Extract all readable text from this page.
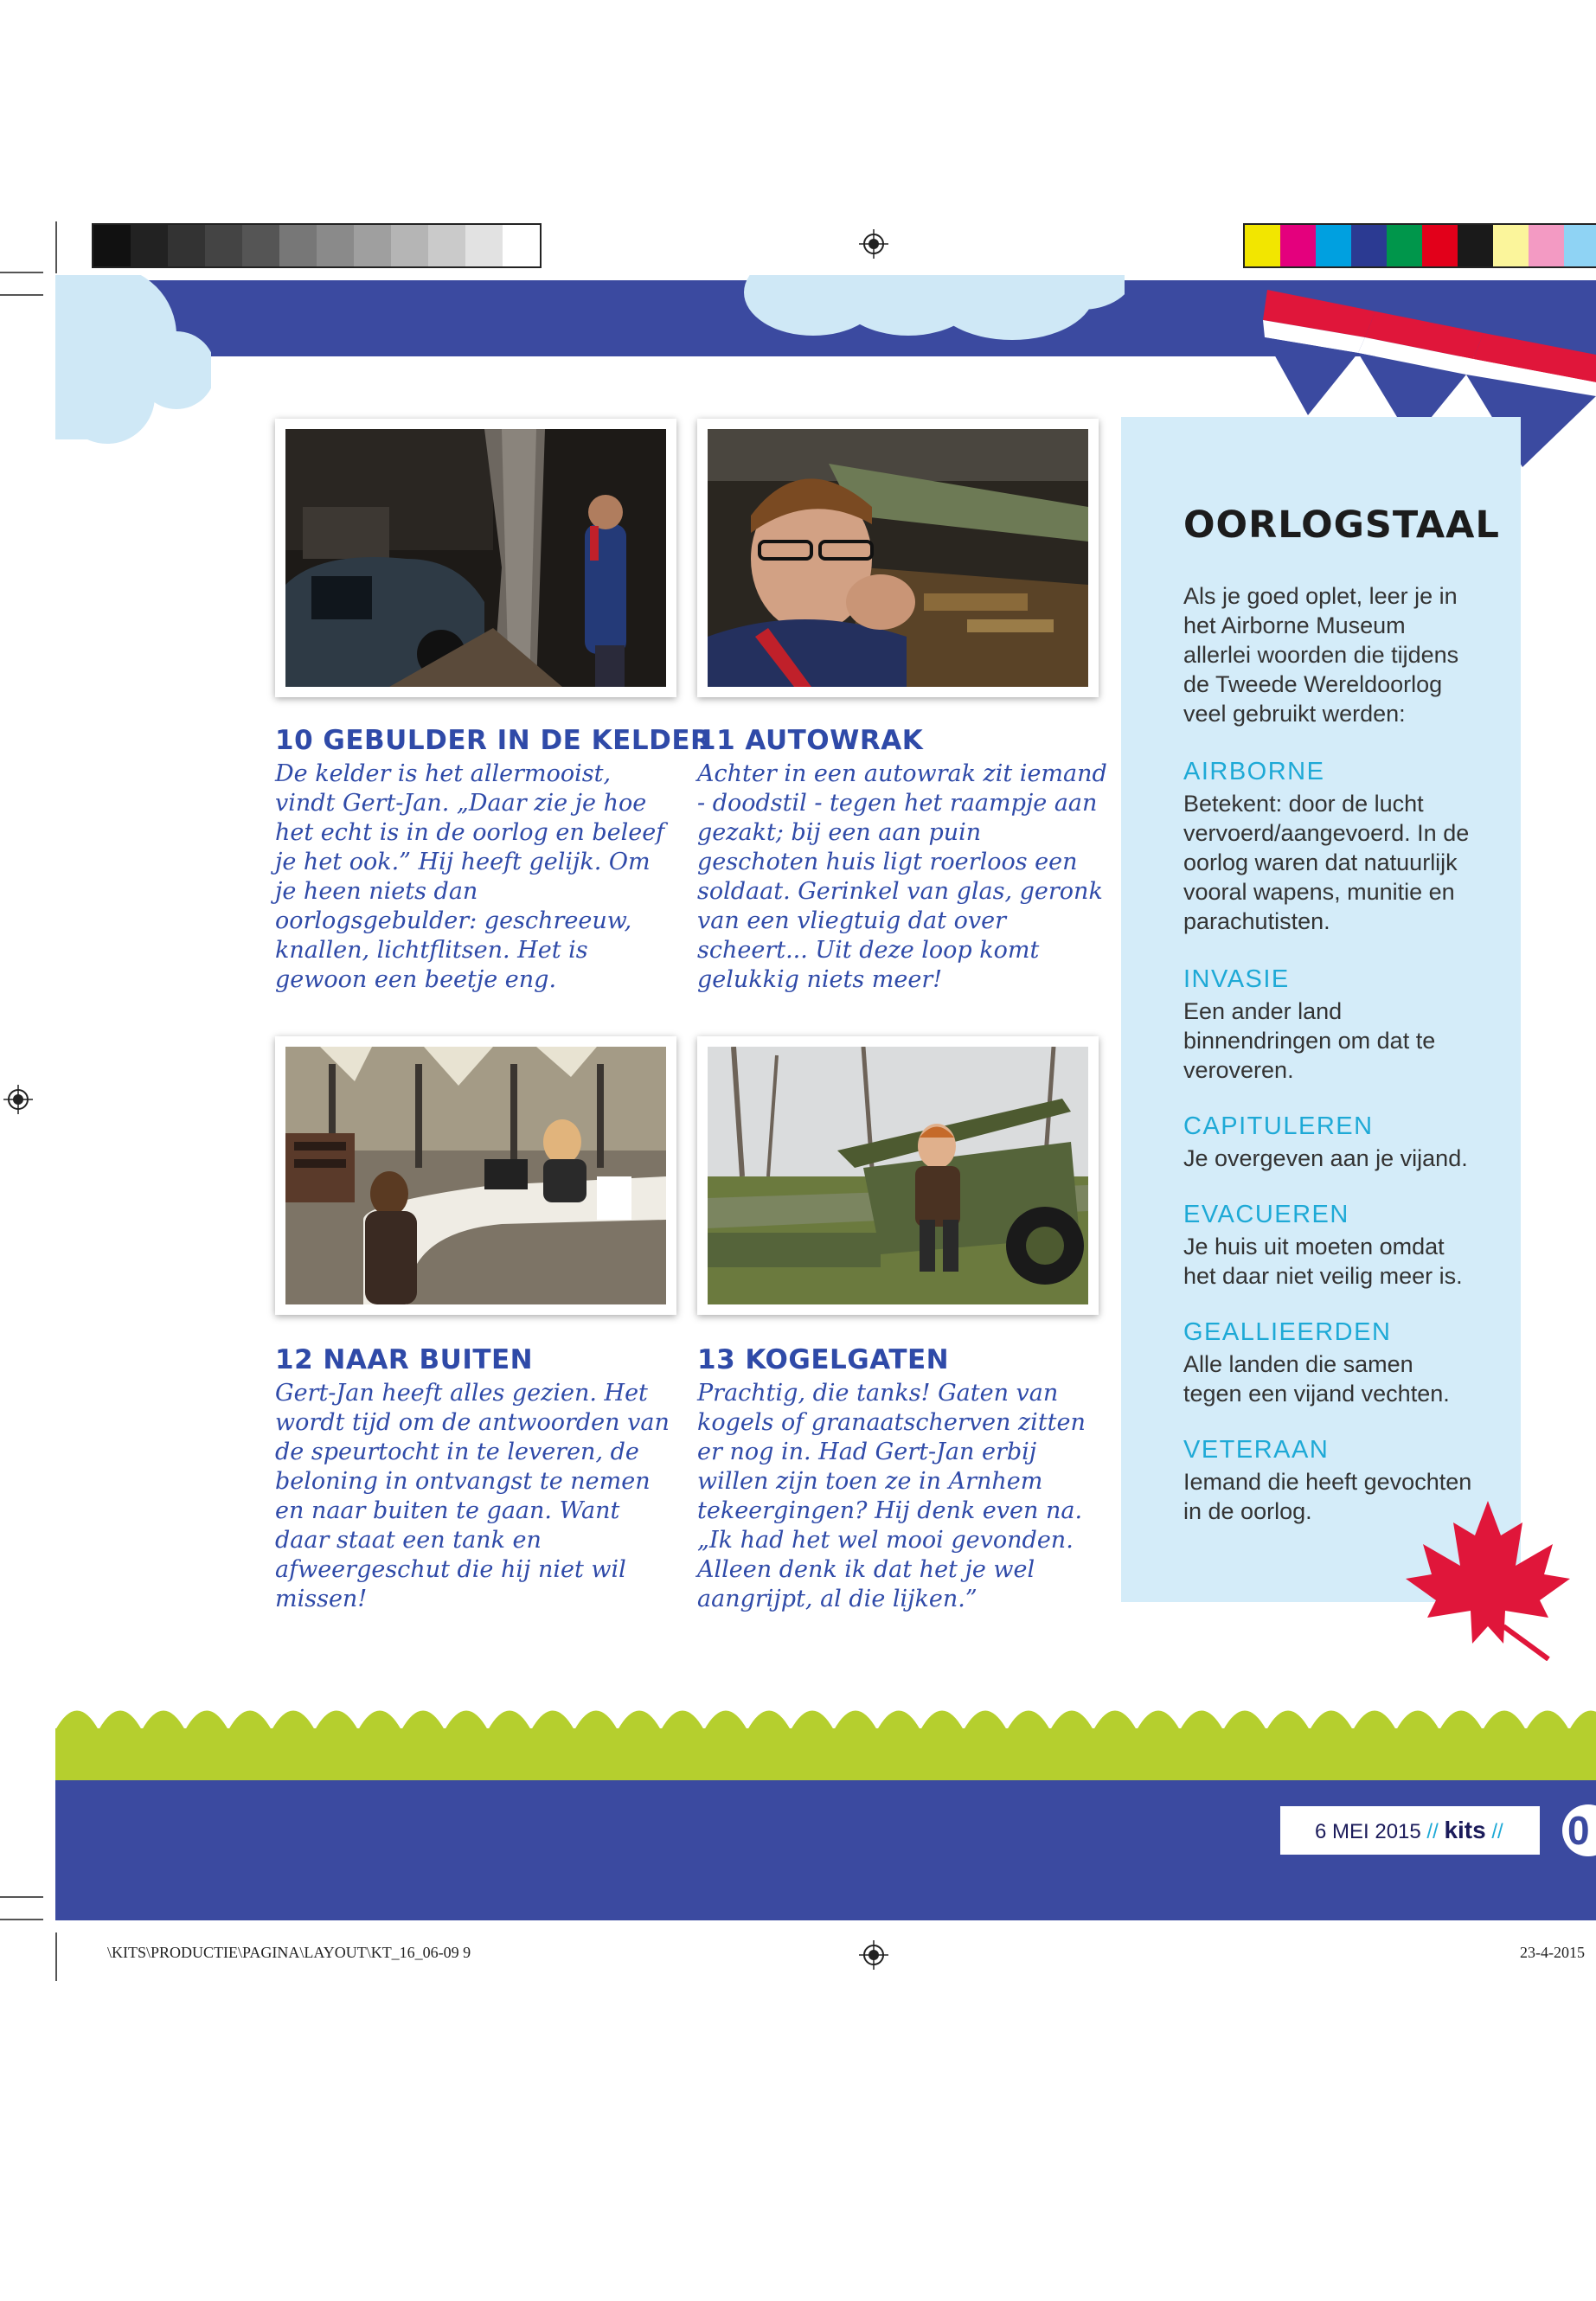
10 GEBULDER IN DE KELDER
De kelder is het allermooist, vindt Gert-Jan. „Daar zie je hoe het echt is in de oorlog en beleef je het ook.” Hij heeft gelijk. Om je heen niets dan oorlogsgebulder: geschreeuw, knallen, lichtflitsen. Het is gewoon een beetje eng.
11 AUTOWRAK
Achter in een autowrak zit iemand - doodstil - tegen het raampje aan gezakt; bij een aan puin geschoten huis ligt roerloos een soldaat. Gerinkel van glas, geronk van een vliegtuig dat over scheert... Uit deze loop komt gelukkig niets meer!
12 NAAR BUITEN
Gert-Jan heeft alles gezien. Het wordt tijd om de antwoorden van de speurtocht in te leveren, de beloning in ontvangst te nemen en naar buiten te gaan. Want daar staat een tank en afweergeschut die hij niet wil missen!
13 KOGELGATEN
Prachtig, die tanks! Gaten van kogels of granaatscherven zitten er nog in. Had Gert-Jan erbij willen zijn toen ze in Arnhem tekeergingen? Hij denk even na. „Ik had het wel mooi gevonden. Alleen denk ik dat het je wel aangrijpt, al die lijken.”
OORLOGSTAAL
Als je goed oplet, leer je in het Airborne Museum allerlei woorden die tijdens de Tweede Wereldoorlog veel gebruikt werden:
AIRBORNE
Betekent: door de lucht vervoerd/aangevoerd. In de oorlog waren dat natuurlijk vooral wapens, munitie en parachutisten.
INVASIE
Een ander land binnendringen om dat te veroveren.
CAPITULEREN
Je overgeven aan je vijand.
EVACUEREN
Je huis uit moeten omdat het daar niet veilig meer is.
GEALLIEERDEN
Alle landen die samen tegen een vijand vechten.
VETERAAN
Iemand die heeft gevochten in de oorlog.
6 MEI 2015 // kits // 0
\KITS\PRODUCTIE\PAGINA\LAYOUT\KT_16_06-09 9	23-4-2015
